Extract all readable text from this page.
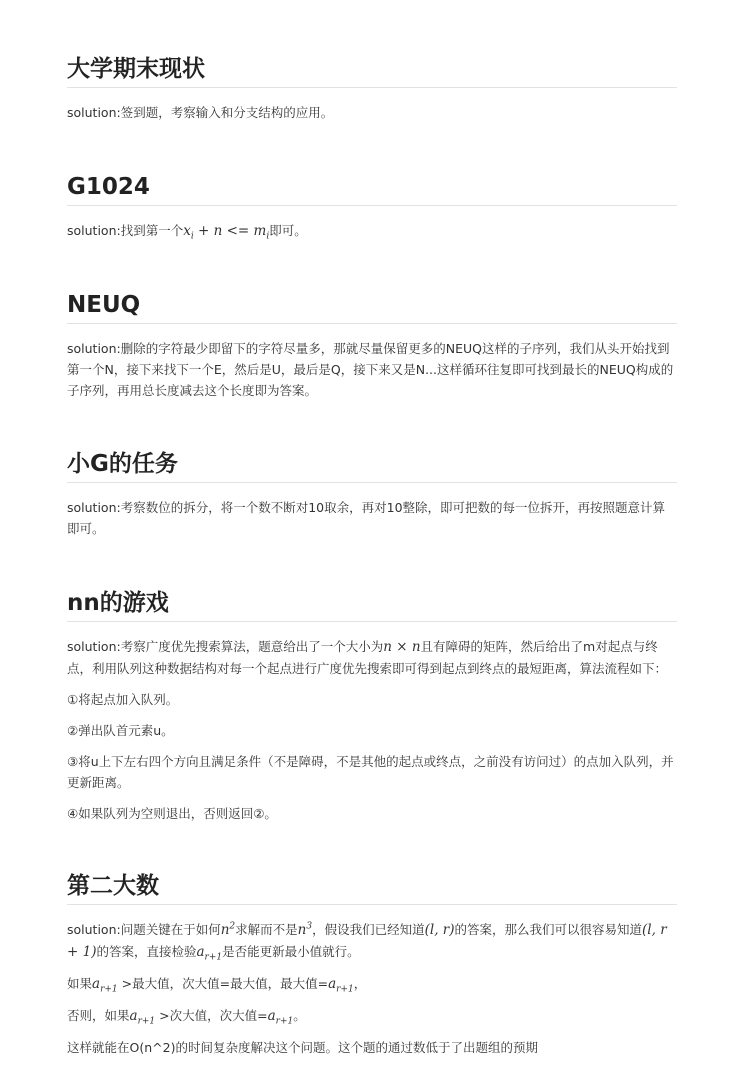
大学期末现状

solution:签到题，考察输入和分支结构的应用。

G1024

solution:找到第一个$x_i + n <= m_i$即可。

NEUQ

solution:删除的字符最少即留下的字符尽量多，那就尽量保留更多的NEUQ这样的子序列，我们从头开始找到第一个N，接下来找下一个E，然后是U，最后是Q，接下来又是N...这样循环往复即可找到最长的NEUQ构成的子序列，再用总长度减去这个长度即为答案。

小G的任务

solution:考察数位的拆分，将一个数不断对10取余，再对10整除，即可把数的每一位拆开，再按照题意计算即可。

nn的游戏

solution:考察广度优先搜索算法，题意给出了一个大小为n × n且有障碍的矩阵，然后给出了m对起点与终点，利用队列这种数据结构对每一个起点进行广度优先搜索即可得到起点到终点的最短距离，算法流程如下：

①将起点加入队列。

②弹出队首元素u。

③将u上下左右四个方向且满足条件（不是障碍，不是其他的起点或终点，之前没有访问过）的点加入队列，并更新距离。

④如果队列为空则退出，否则返回②。

第二大数

solution:问题关键在于如何$n^2$求解而不是$n^3$，假设我们已经知道(l, r)的答案，那么我们可以很容易知道(l, r + 1)的答案，直接检验$a_{r+1}$是否能更新最小值就行。

如果$a_{r+1}$ >最大值，次大值=最大值，最大值$=a_{r+1}$，

否则，如果$a_{r+1}$ >次大值，次大值$=a_{r+1}$。

这样就能在O(n^2)的时间复杂度解决这个问题。这个题的通过数低于了出题组的预期
